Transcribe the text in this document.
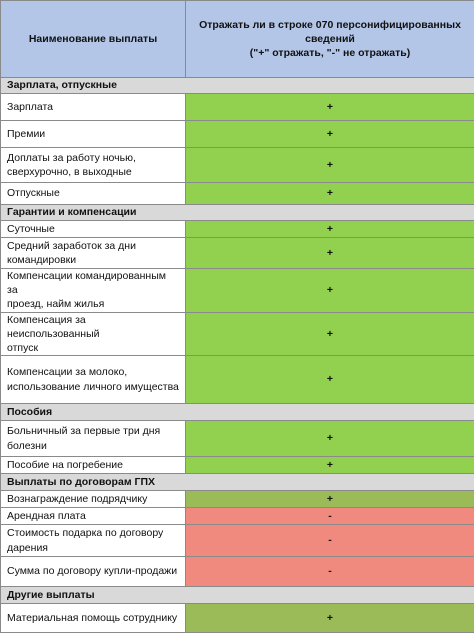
Наименование выплаты	Отражать ли в строке 070 персонифицированных
сведений
("+" отражать, "-" не отражать)

Зарплата, отпускные	
Зарплата	+
Премии	+

Доплаты за работу ночью,
сверхурочно, в выходные	+
Отпускные	+
Гарантии и компенсации	
Суточные	+

Средний заработок за дни
командировки	+

Компенсации командированным за
проезд, найм жилья	+

Компенсация за неиспользованный
отпуск	+

Компенсации за молоко,
использование личного имущества	+
Пособия	

Больничный за первые три дня
болезни	+
Пособие на погребение	+
Выплаты по договорам ГПХ	
Вознаграждение подрядчику	+
Арендная плата	-

Стоимость подарка по договору
дарения	-
Сумма по договору купли-продажи	-
Другие выплаты	
Материальная помощь сотруднику	+
